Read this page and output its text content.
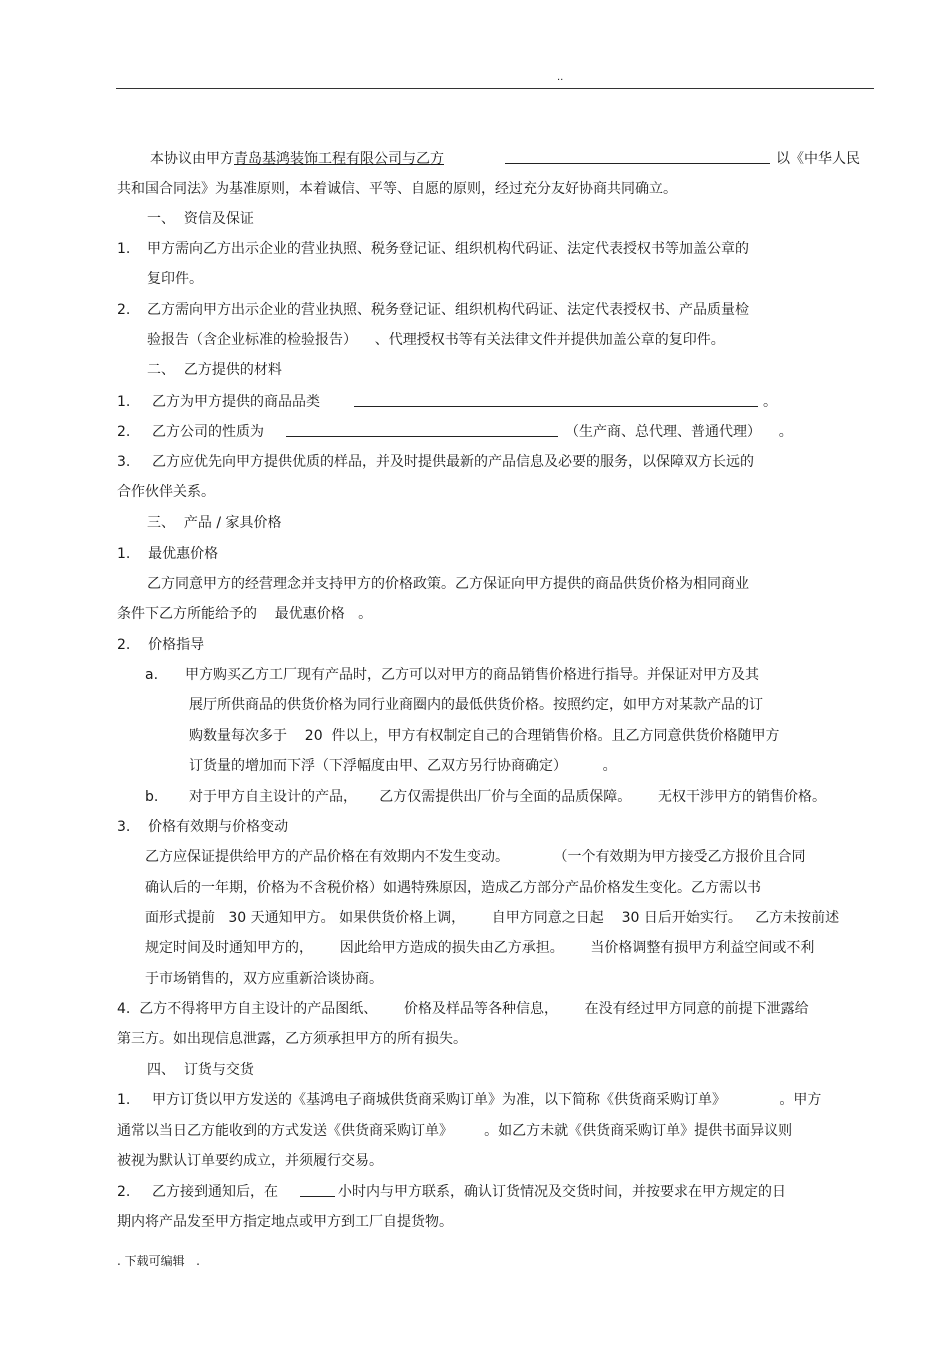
..
本协议由甲方青岛基鸿装饰工程有限公司与乙方	以《中华人民
共和国合同法》为基准原则，本着诚信、平等、自愿的原则，经过充分友好协商共同确立。
一、  资信及保证
1. 甲方需向乙方出示企业的营业执照、税务登记证、组织机构代码证、法定代表授权书等加盖公章的
复印件。
2. 乙方需向甲方出示企业的营业执照、税务登记证、组织机构代码证、法定代表授权书、产品质量检
验报告（含企业标准的检验报告）    、代理授权书等有关法律文件并提供加盖公章的复印件。
二、  乙方提供的材料
1. 乙方为甲方提供的商品品类	。
2. 乙方公司的性质为	（生产商、总代理、普通代理）    。
3. 乙方应优先向甲方提供优质的样品，并及时提供最新的产品信息及必要的服务，以保障双方长远的
合作伙伴关系。
三、  产品 / 家具价格
1.    最优惠价格
乙方同意甲方的经营理念并支持甲方的价格政策。乙方保证向甲方提供的商品供货价格为相同商业
条件下乙方所能给予的    最优惠价格   。
2.    价格指导
a. 甲方购买乙方工厂现有产品时，乙方可以对甲方的商品销售价格进行指导。并保证对甲方及其
展厅所供商品的供货价格为同行业商圈内的最低供货价格。按照约定，如甲方对某款产品的订
购数量每次多于    20  件以上，甲方有权制定自己的合理销售价格。且乙方同意供货价格随甲方
订货量的增加而下浮（下浮幅度由甲、乙双方另行协商确定）        。
b. 对于甲方自主设计的产品，     乙方仅需提供出厂价与全面的品质保障。      无权干涉甲方的销售价格。
3.    价格有效期与价格变动
乙方应保证提供给甲方的产品价格在有效期内不发生变动。          （一个有效期为甲方接受乙方报价且合同
确认后的一年期，价格为不含税价格）如遇特殊原因，造成乙方部分产品价格发生变化。乙方需以书
面形式提前   30 天通知甲方。 如果供货价格上调，      自甲方同意之日起    30 日后开始实行。   乙方未按前述
规定时间及时通知甲方的，      因此给甲方造成的损失由乙方承担。      当价格调整有损甲方利益空间或不利
于市场销售的，双方应重新洽谈协商。
4.  乙方不得将甲方自主设计的产品图纸、      价格及样品等各种信息，      在没有经过甲方同意的前提下泄露给
第三方。如出现信息泄露，乙方须承担甲方的所有损失。
四、  订货与交货
1. 甲方订货以甲方发送的《基鸿电子商城供货商采购订单》为准，以下简称《供货商采购订单》            。甲方
通常以当日乙方能收到的方式发送《供货商采购订单》       。如乙方未就《供货商采购订单》提供书面异议则
被视为默认订单要约成立，并须履行交易。
2. 乙方接到通知后，在	小时内与甲方联系，确认订货情况及交货时间，并按要求在甲方规定的日
期内将产品发至甲方指定地点或甲方到工厂自提货物。
. 下载可编辑   .
